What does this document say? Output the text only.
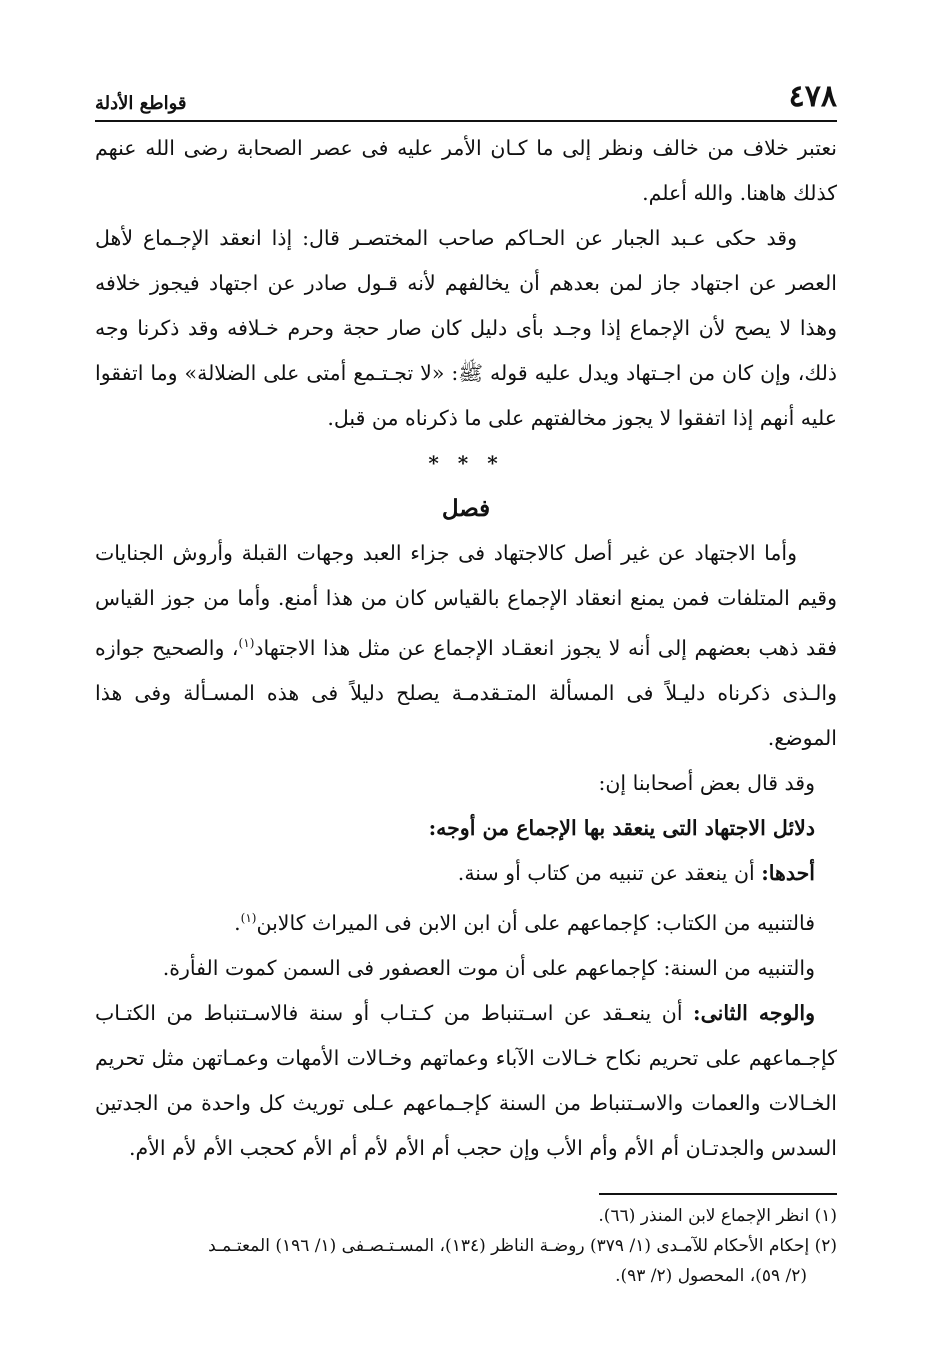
٤٧٨
قواطع الأدلة

نعتبر خلاف من خالف ونظر إلى ما كـان الأمر عليه فى عصر الصحابة رضى الله عنهم كذلك هاهنا. والله أعلم.

وقد حكى عـبد الجبار عن الحـاكم صاحب المختصـر قال: إذا انعقد الإجـماع لأهل العصر عن اجتهاد جاز لمن بعدهم أن يخالفهم لأنه قـول صادر عن اجتهاد فيجوز خلافه وهذا لا يصح لأن الإجماع إذا وجـد بأى دليل كان صار حجة وحرم خـلافه وقد ذكرنا وجه ذلك، وإن كان من اجـتهاد ويدل عليه قوله ﷺ: «لا تجـتـمع أمتى على الضلالة» وما اتفقوا عليه أنهم إذا اتفقوا لا يجوز مخالفتهم على ما ذكرناه من قبل.

* * *
فصل

وأما الاجتهاد عن غير أصل كالاجتهاد فى جزاء العبد وجهات القبلة وأروش الجنايات وقيم المتلفات فمن يمنع انعقاد الإجماع بالقياس كان من هذا أمنع. وأما من جوز القياس فقد ذهب بعضهم إلى أنه لا يجوز انعقـاد الإجماع عن مثل هذا الاجتهاد$^{(١)}$، والصحيح جوازه والـذى ذكرناه دليـلاً فى المسألة المتـقدمـة يصلح دليلاً فى هذه المسـألة وفى هذا الموضع.

وقد قال بعض أصحابنا إن:

دلائل الاجتهاد التى ينعقد بها الإجماع من أوجه:

أحدها: أن ينعقد عن تنبيه من كتاب أو سنة.

فالتنبيه من الكتاب: كإجماعهم على أن ابن الابن فى الميراث كالابن$^{(١)}$.

والتنبيه من السنة: كإجماعهم على أن موت العصفور فى السمن كموت الفأرة.

والوجه الثانى: أن ينعـقد عن اسـتنباط من كـتـاب أو سنة فالاسـتنباط من الكتـاب كإجـماعهم على تحريم نكاح خـالات الآباء وعماتهم وخـالات الأمهات وعمـاتهن مثل تحريم الخـالات والعمات والاسـتنباط من السنة كإجـماعهم عـلى توريث كل واحدة من الجدتين السدس والجدتـان أم الأم وأم الأب وإن حجب أم الأم لأم أم الأم كحجب الأم لأم الأم.

(١) انظر الإجماع لابن المنذر (٦٦).

(٢) إحكام الأحكام للآمـدى (١/ ٣٧٩) روضـة الناظر (١٣٤)، المسـتـصـفى (١/ ١٩٦) المعتـمـد

(٢/ ٥٩)، المحصول (٢/ ٩٣).
